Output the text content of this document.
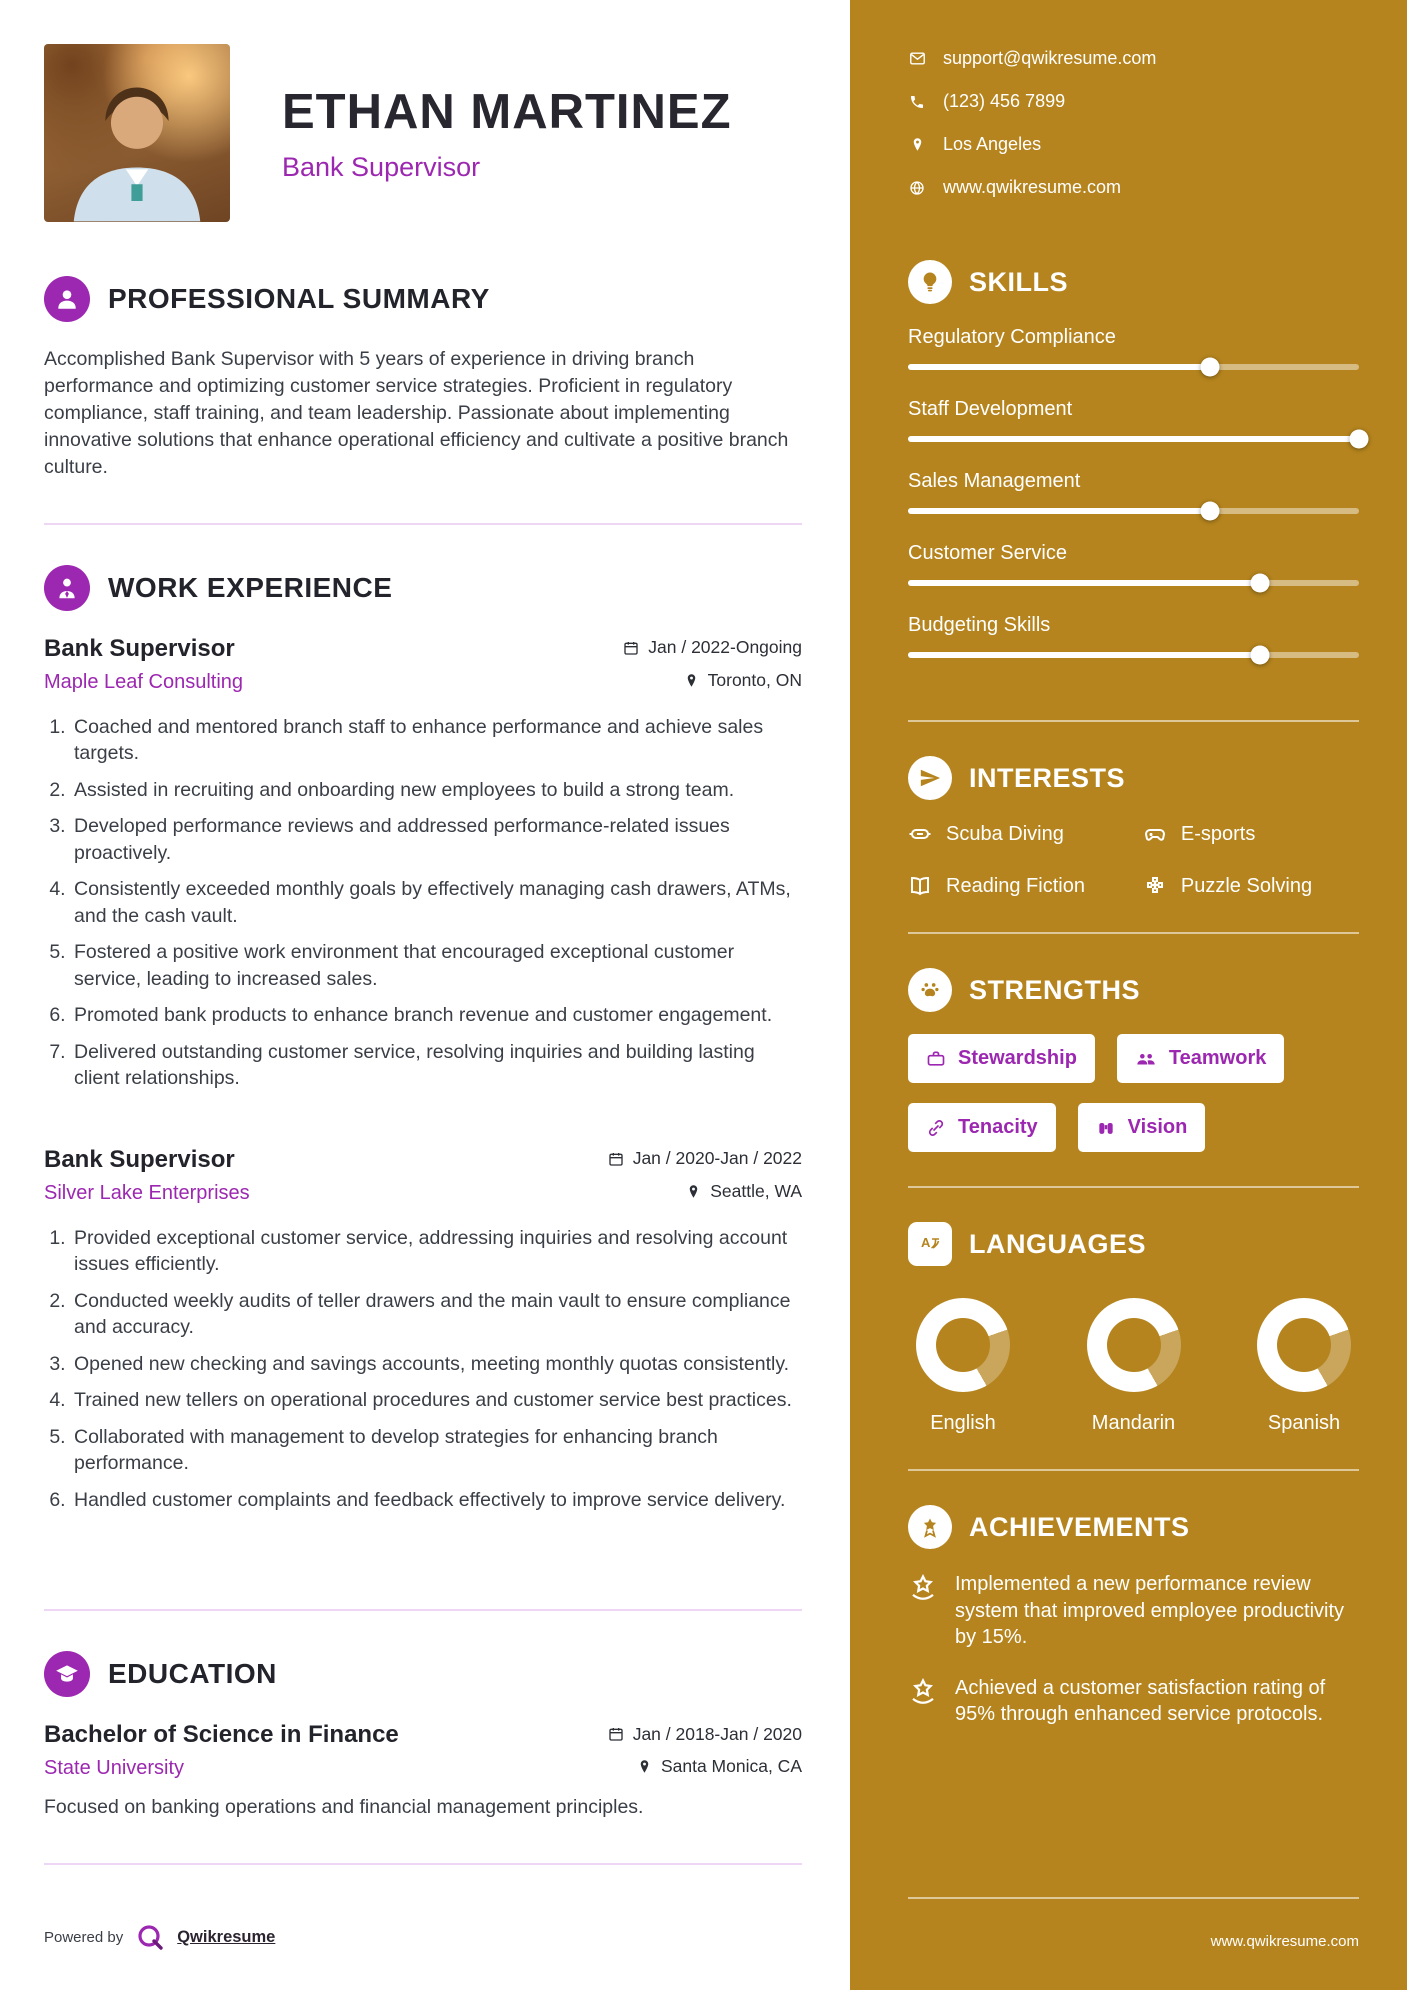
ETHAN MARTINEZ
Bank Supervisor
PROFESSIONAL SUMMARY

Accomplished Bank Supervisor with 5 years of experience in driving branch performance and optimizing customer service strategies. Proficient in regulatory compliance, staff training, and team leadership. Passionate about implementing innovative solutions that enhance operational efficiency and cultivate a positive branch culture.

WORK EXPERIENCE
Bank Supervisor	Jan / 2022-Ongoing
Maple Leaf Consulting	Toronto, ON
1. Coached and mentored branch staff to enhance performance and achieve sales targets.
2. Assisted in recruiting and onboarding new employees to build a strong team.
3. Developed performance reviews and addressed performance-related issues proactively.
4. Consistently exceeded monthly goals by effectively managing cash drawers, ATMs, and the cash vault.
5. Fostered a positive work environment that encouraged exceptional customer service, leading to increased sales.
6. Promoted bank products to enhance branch revenue and customer engagement.
7. Delivered outstanding customer service, resolving inquiries and building lasting client relationships.
Bank Supervisor	Jan / 2020-Jan / 2022
Silver Lake Enterprises	Seattle, WA
1. Provided exceptional customer service, addressing inquiries and resolving account issues efficiently.
2. Conducted weekly audits of teller drawers and the main vault to ensure compliance and accuracy.
3. Opened new checking and savings accounts, meeting monthly quotas consistently.
4. Trained new tellers on operational procedures and customer service best practices.
5. Collaborated with management to develop strategies for enhancing branch performance.
6. Handled customer complaints and feedback effectively to improve service delivery.
EDUCATION
Bachelor of Science in Finance	Jan / 2018-Jan / 2020
State University	Santa Monica, CA

Focused on banking operations and financial management principles.

Powered by	Qwikresume
support@qwikresume.com
(123) 456 7899
Los Angeles
www.qwikresume.com
SKILLS
Regulatory Compliance
Staff Development
Sales Management
Customer Service
Budgeting Skills
INTERESTS
Scuba Diving	E-sports
Reading Fiction	Puzzle Solving
STRENGTHS
Stewardship	Teamwork
Tenacity	Vision
A LANGUAGES
English	Mandarin	Spanish
ACHIEVEMENTS
Implemented a new performance review system that improved employee productivity by 15%.
Achieved a customer satisfaction rating of 95% through enhanced service protocols.
www.qwikresume.com
